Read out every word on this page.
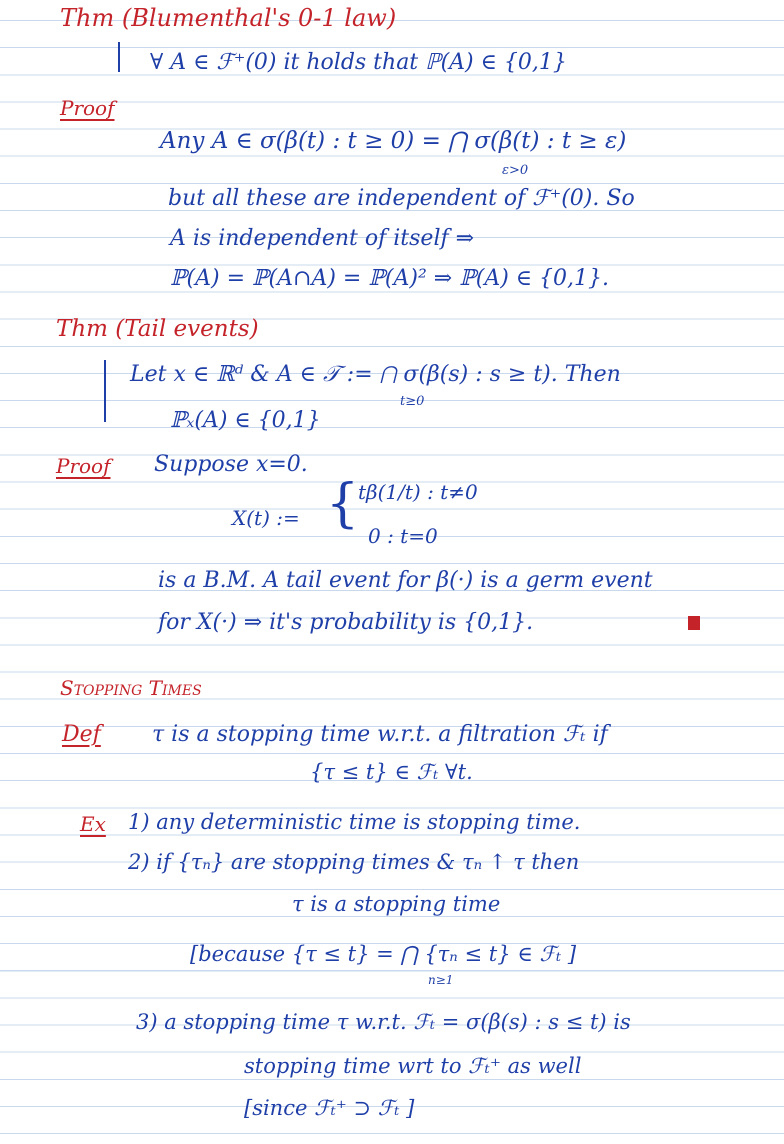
Thm (Blumenthal's 0-1 law)
∀ A ∈ ℱ⁺(0) it holds that ℙ(A) ∈ {0,1}
Proof
Any A ∈ σ(β(t) : t ≥ 0) = ⋂ σ(β(t) : t ≥ ε)
ε>0
but all these are independent of ℱ⁺(0). So
A is independent of itself ⇒
ℙ(A) = ℙ(A∩A) = ℙ(A)² ⇒ ℙ(A) ∈ {0,1}.
Thm (Tail events)
Let x ∈ ℝᵈ & A ∈ 𝒯 := ⋂ σ(β(s) : s ≥ t). Then
t≥0
ℙₓ(A) ∈ {0,1}
Proof Suppose x=0.
X(t) := {
tβ(1/t) : t≠0
0 : t=0
is a B.M. A tail event for β(·) is a germ event
for X(·) ⇒ it's probability is {0,1}.
Stopping Times
Def τ is a stopping time w.r.t. a filtration ℱₜ if
{τ ≤ t} ∈ ℱₜ ∀t.
Ex 1) any deterministic time is stopping time.
2) if {τₙ} are stopping times & τₙ ↑ τ then
τ is a stopping time
[because {τ ≤ t} = ⋂ {τₙ ≤ t} ∈ ℱₜ ]
n≥1
3) a stopping time τ w.r.t. ℱₜ = σ(β(s) : s ≤ t) is
stopping time wrt to ℱₜ⁺ as well
[since ℱₜ⁺ ⊃ ℱₜ ]
